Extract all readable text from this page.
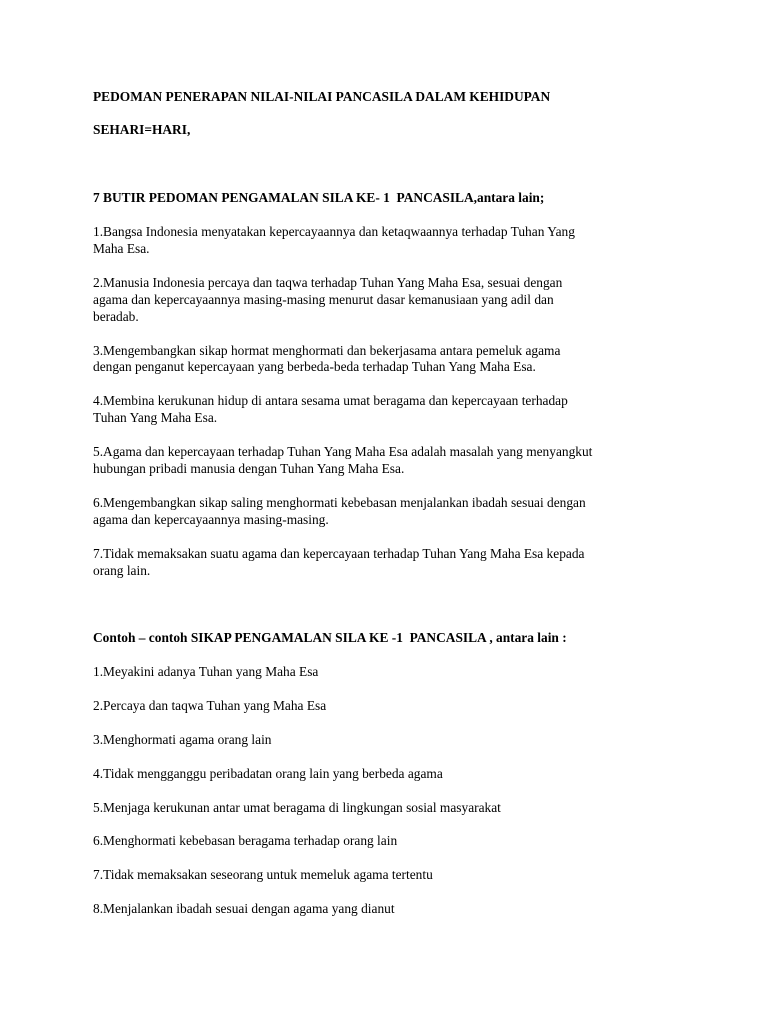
PEDOMAN PENERAPAN NILAI-NILAI PANCASILA DALAM KEHIDUPAN
SEHARI=HARI,
7 BUTIR PEDOMAN PENGAMALAN SILA KE- 1  PANCASILA,antara lain;
1.Bangsa Indonesia menyatakan kepercayaannya dan ketaqwaannya terhadap Tuhan Yang
Maha Esa.
2.Manusia Indonesia percaya dan taqwa terhadap Tuhan Yang Maha Esa, sesuai dengan
agama dan kepercayaannya masing-masing menurut dasar kemanusiaan yang adil dan
beradab.
3.Mengembangkan sikap hormat menghormati dan bekerjasama antara pemeluk agama
dengan penganut kepercayaan yang berbeda-beda terhadap Tuhan Yang Maha Esa.
4.Membina kerukunan hidup di antara sesama umat beragama dan kepercayaan terhadap
Tuhan Yang Maha Esa.
5.Agama dan kepercayaan terhadap Tuhan Yang Maha Esa adalah masalah yang menyangkut
hubungan pribadi manusia dengan Tuhan Yang Maha Esa.
6.Mengembangkan sikap saling menghormati kebebasan menjalankan ibadah sesuai dengan
agama dan kepercayaannya masing-masing.
7.Tidak memaksakan suatu agama dan kepercayaan terhadap Tuhan Yang Maha Esa kepada
orang lain.
Contoh – contoh SIKAP PENGAMALAN SILA KE -1  PANCASILA , antara lain :
1.Meyakini adanya Tuhan yang Maha Esa
2.Percaya dan taqwa Tuhan yang Maha Esa
3.Menghormati agama orang lain
4.Tidak mengganggu peribadatan orang lain yang berbeda agama
5.Menjaga kerukunan antar umat beragama di lingkungan sosial masyarakat
6.Menghormati kebebasan beragama terhadap orang lain
7.Tidak memaksakan seseorang untuk memeluk agama tertentu
8.Menjalankan ibadah sesuai dengan agama yang dianut
